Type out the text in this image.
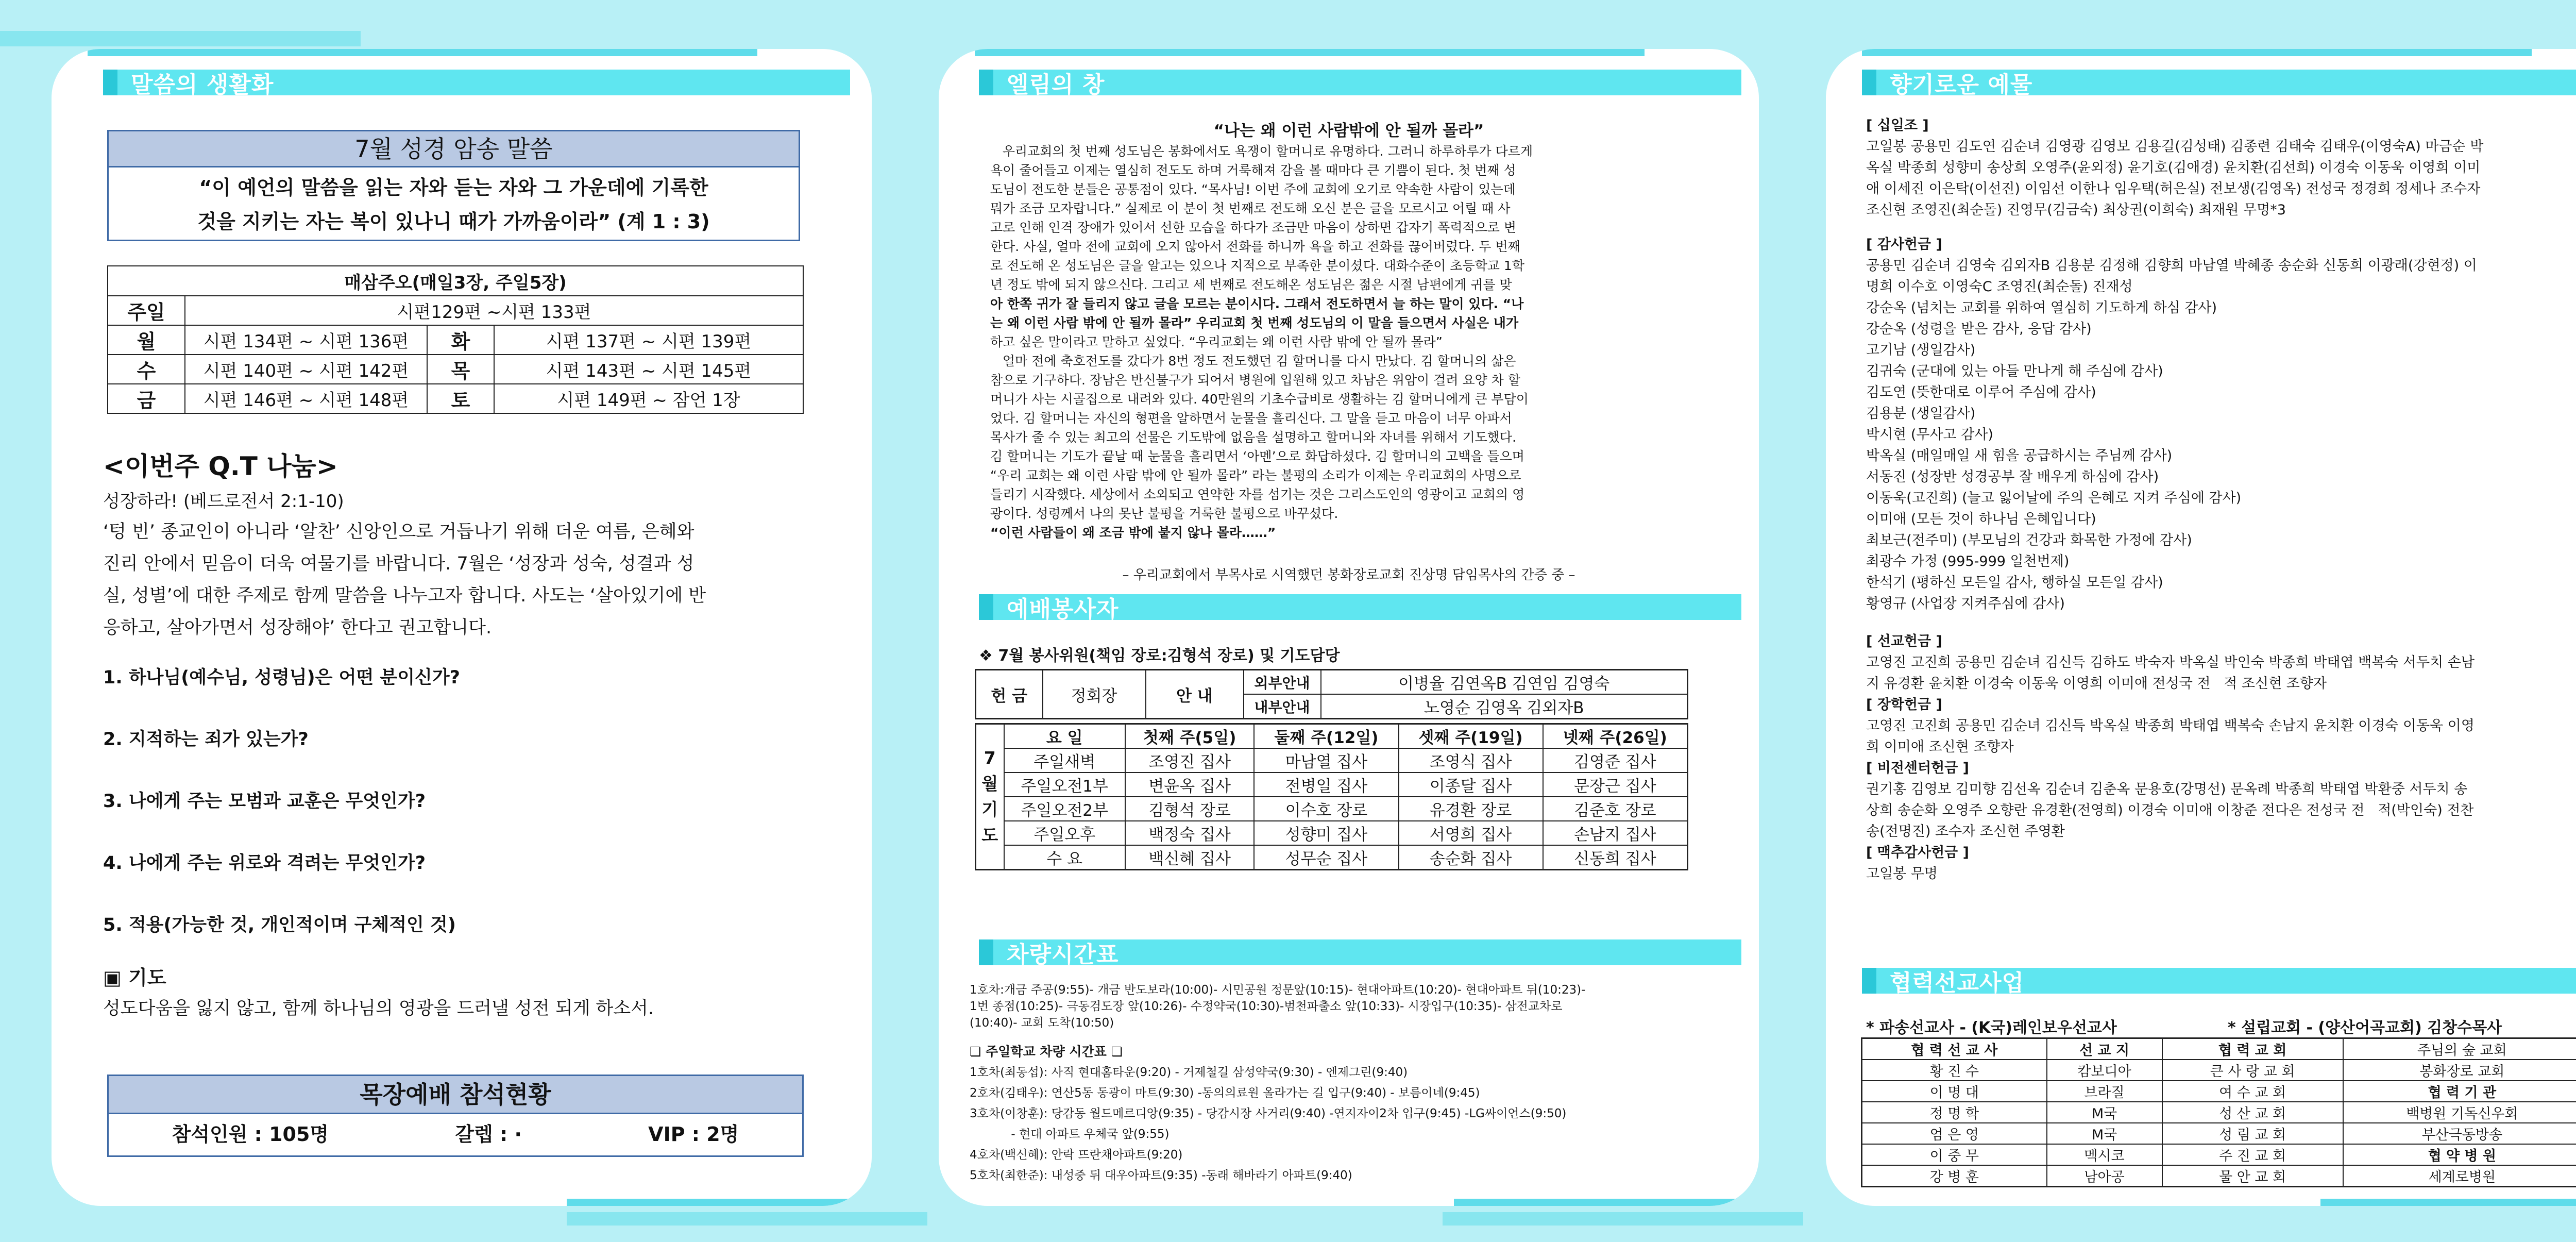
말씀의 생활화
7월 성경 암송 말씀
“이 예언의 말씀을 읽는 자와 듣는 자와 그 가운데에 기록한
것을 지키는 자는 복이 있나니 때가 가까움이라” (계 1 : 3)
매삼주오(매일3장, 주일5장)			
주일	시편129편 ~시편 133편		
월	시편 134편 ~ 시편 136편	화	시편 137편 ~ 시편 139편
수	시편 140편 ~ 시편 142편	목	시편 143편 ~ 시편 145편
금	시편 146편 ~ 시편 148편	토	시편 149편 ~ 잠언 1장
<이번주 Q.T 나눔>
성장하라! (베드로전서 2:1-10)
‘텅 빈’ 종교인이 아니라 ‘알찬’ 신앙인으로 거듭나기 위해 더운 여름, 은혜와
진리 안에서 믿음이 더욱 여물기를 바랍니다. 7월은 ‘성장과 성숙, 성결과 성
실, 성별’에 대한 주제로 함께 말씀을 나누고자 합니다. 사도는 ‘살아있기에 반
응하고, 살아가면서 성장해야’ 한다고 권고합니다.
1. 하나님(예수님, 성령님)은 어떤 분이신가?
2. 지적하는 죄가 있는가?
3. 나에게 주는 모범과 교훈은 무엇인가?
4. 나에게 주는 위로와 격려는 무엇인가?
5. 적용(가능한 것, 개인적이며 구체적인 것)
▣ 기도
성도다움을 잃지 않고, 함께 하나님의 영광을 드러낼 성전 되게 하소서.
목장예배 참석현황
참석인원 : 105명	갈렙 : ·	VIP : 2명
엘림의 창
“나는 왜 이런 사람밖에 안 될까 몰라”
우리교회의 첫 번째 성도님은 봉화에서도 욕쟁이 할머니로 유명하다. 그러니 하루하루가 다르게
욕이 줄어들고 이제는 열심히 전도도 하며 거룩해져 감을 볼 때마다 큰 기쁨이 된다. 첫 번째 성
도님이 전도한 분들은 공통점이 있다. “목사님! 이번 주에 교회에 오기로 약속한 사람이 있는데
뭐가 조금 모자랍니다.” 실제로 이 분이 첫 번째로 전도해 오신 분은 글을 모르시고 어릴 때 사
고로 인해 인격 장애가 있어서 선한 모습을 하다가 조금만 마음이 상하면 갑자기 폭력적으로 변
한다. 사실, 얼마 전에 교회에 오지 않아서 전화를 하니까 욕을 하고 전화를 끊어버렸다. 두 번째
로 전도해 온 성도님은 글을 알고는 있으나 지적으로 부족한 분이셨다. 대화수준이 초등학교 1학
년 정도 밖에 되지 않으신다. 그리고 세 번째로 전도해온 성도님은 젊은 시절 남편에게 귀를 맞
아 한쪽 귀가 잘 들리지 않고 글을 모르는 분이시다. 그래서 전도하면서 늘 하는 말이 있다. “나
는 왜 이런 사람 밖에 안 될까 몰라” 우리교회 첫 번째 성도님의 이 말을 들으면서 사실은 내가
하고 싶은 말이라고 말하고 싶었다. “우리교회는 왜 이런 사람 밖에 안 될까 몰라”
얼마 전에 축호전도를 갔다가 8번 정도 전도했던 김 할머니를 다시 만났다. 김 할머니의 삶은
참으로 기구하다. 장남은 반신불구가 되어서 병원에 입원해 있고 차남은 위암이 걸려 요양 차 할
머니가 사는 시골집으로 내려와 있다. 40만원의 기초수급비로 생활하는 김 할머니에게 큰 부담이
었다. 김 할머니는 자신의 형편을 알하면서 눈물을 흘리신다. 그 말을 듣고 마음이 너무 아파서
목사가 줄 수 있는 최고의 선물은 기도밖에 없음을 설명하고 할머니와 자녀를 위해서 기도했다.
김 할머니는 기도가 끝날 때 눈물을 흘리면서 ‘아멘’으로 화답하셨다. 김 할머니의 고백을 들으며
“우리 교회는 왜 이런 사람 밖에 안 될까 몰라” 라는 불평의 소리가 이제는 우리교회의 사명으로
들리기 시작했다. 세상에서 소외되고 연약한 자를 섬기는 것은 그리스도인의 영광이고 교회의 영
광이다. 성령께서 나의 못난 불평을 거룩한 불평으로 바꾸셨다.
“이런 사람들이 왜 조금 밖에 붙지 않나 몰라……”
– 우리교회에서 부목사로 시역했던 봉화장로교회 진상명 담임목사의 간증 중 –
예배봉사자
❖ 7월 봉사위원(책임 장로:김형석 장로) 및 기도담당
헌 금	정회장	안 내	외부안내	이병율 김연옥B 김연임 김영숙
			내부안내	노영순 김영옥 김외자B
7
월
기
도	요 일	첫째 주(5일)	둘째 주(12일)	셋째 주(19일)	넷째 주(26일)
	주일새벽	조영진 집사	마남열 집사	조영식 집사	김영준 집사
	주일오전1부	변윤옥 집사	전병일 집사	이종달 집사	문장근 집사
	주일오전2부	김형석 장로	이수호 장로	유경환 장로	김준호 장로
	주일오후	백정숙 집사	성향미 집사	서영희 집사	손남지 집사
	수 요	백신혜 집사	성무순 집사	송순화 집사	신동희 집사
차량시간표
1호차:개금 주공(9:55)- 개금 반도보라(10:00)- 시민공원 정문앞(10:15)- 현대아파트(10:20)- 현대아파트 뒤(10:23)-
1번 종점(10:25)- 극동검도장 앞(10:26)- 수정약국(10:30)-범천파출소 앞(10:33)- 시장입구(10:35)- 삼전교차로
(10:40)- 교회 도착(10:50)
❏ 주일학교 차량 시간표 ❏
1호차(최동섭): 사직 현대홈타운(9:20) - 거제철길 삼성약국(9:30) - 엔제그린(9:40)
2호차(김태우): 연산5동 동광이 마트(9:30) -동의의료원 올라가는 길 입구(9:40) - 보름이네(9:45)
3호차(이창훈): 당감동 월드메르디앙(9:35) - 당감시장 사거리(9:40) -연지자이2차 입구(9:45) -LG싸이언스(9:50)
- 현대 아파트 우체국 앞(9:55)
4호차(백신혜): 안락 뜨란채아파트(9:20)
5호차(최한준): 내성중 뒤 대우아파트(9:35) -동래 해바라기 아파트(9:40)
향기로운 예물
[ 십일조 ]
고일봉 공용민 김도연 김순녀 김영광 김영보 김용길(김성태) 김종련 김태숙 김태우(이영숙A) 마금순 박
옥실 박종희 성향미 송상희 오영주(윤외정) 윤기호(김애경) 윤치환(김선희) 이경숙 이동욱 이영희 이미
애 이세진 이은탁(이선진) 이임선 이한나 임우택(허은실) 전보생(김영옥) 전성국 정경희 정세나 조수자
조신현 조영진(최순돌) 진영무(김금숙) 최상권(이희숙) 최재원 무명*3
[ 감사헌금 ]
공용민 김순녀 김영숙 김외자B 김용분 김정해 김향희 마남열 박혜종 송순화 신동희 이광래(강현정) 이
명희 이수호 이영숙C 조영진(최순돌) 진재성
강순옥 (넘치는 교회를 위하여 열심히 기도하게 하심 감사)
강순옥 (성령을 받은 감사, 응답 감사)
고기남 (생일감사)
김귀숙 (군대에 있는 아들 만나게 해 주심에 감사)
김도연 (뜻한대로 이루어 주심에 감사)
김용분 (생일감사)
박시현 (무사고 감사)
박옥실 (매일매일 새 힘을 공급하시는 주님께 감사)
서동진 (성장반 성경공부 잘 배우게 하심에 감사)
이동욱(고진희) (늘고 잃어날에 주의 은혜로 지켜 주심에 감사)
이미애 (모든 것이 하나님 은혜입니다)
최보근(전주미) (부모님의 건강과 화목한 가정에 감사)
최광수 가정 (995-999 일천번제)
한석기 (평하신 모든일 감사, 행하실 모든일 감사)
황영규 (사업장 지켜주심에 감사)
[ 선교헌금 ]
고영진 고진희 공용민 김순녀 김신득 김하도 박숙자 박옥실 박인숙 박종희 박태엽 백복숙 서두치 손남
지 유경환 윤치환 이경숙 이동욱 이영희 이미애 전성국 전   적 조신현 조향자
[ 장학헌금 ]
고영진 고진희 공용민 김순녀 김신득 박옥실 박종희 박태엽 백복숙 손남지 윤치환 이경숙 이동욱 이영
희 이미애 조신현 조향자
[ 비전센터헌금 ]
권기홍 김영보 김미향 김선옥 김순녀 김춘옥 문용호(강명선) 문옥례 박종희 박태엽 박환중 서두치 송
상희 송순화 오영주 오향란 유경환(전영희) 이경숙 이미애 이창준 전다은 전성국 전   적(박인숙) 전찬
송(전명진) 조수자 조신현 주영환
[ 맥추감사헌금 ]
고일봉 무명
협력선교사업
* 파송선교사 - (K국)레인보우선교사	* 설립교회 - (양산어곡교회) 김창수목사
협 력 선 교 사	선 교 지	협 력 교 회	주님의 숲 교회
황 진 수	캄보디아	큰 사 랑 교 회	봉화장로 교회
이 명 대	브라질	여 수 교 회	협 력 기 관
정 명 학	M국	성 산 교 회	백병원 기독신우회
엄 은 영	M국	성 림 교 회	부산극동방송
이 중 무	멕시코	주 진 교 회	협 약 병 원
강 병 훈	남아공	물 안 교 회	세계로병원
